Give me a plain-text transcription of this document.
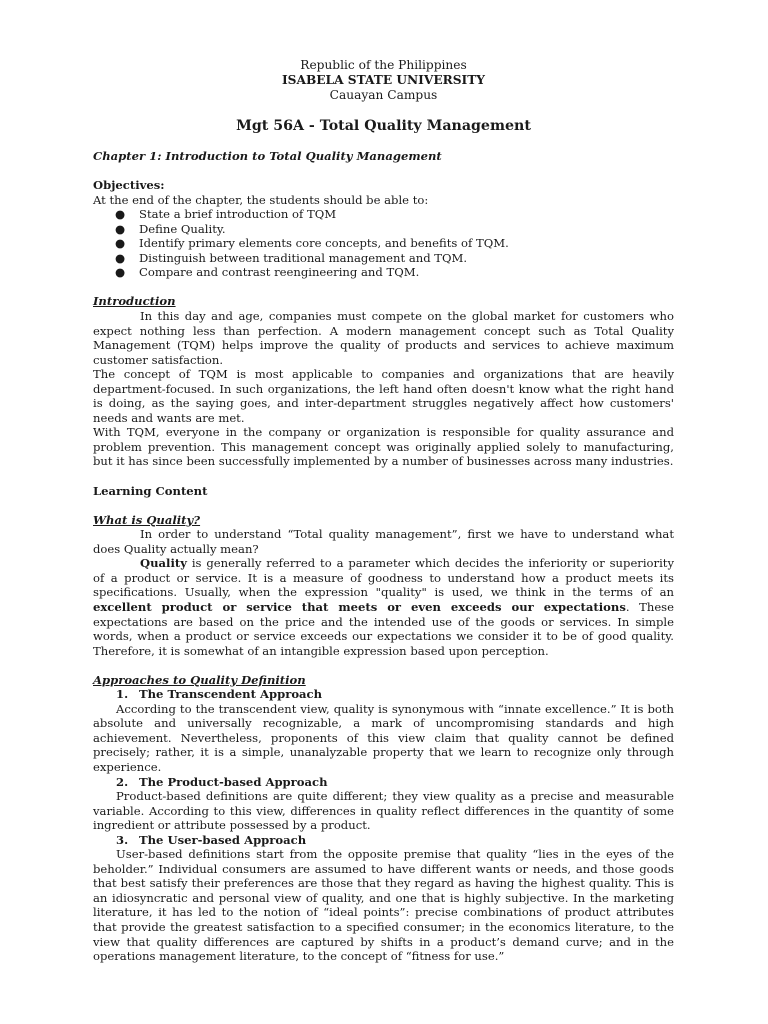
Republic of the Philippines
ISABELA STATE UNIVERSITY
Cauayan Campus
Mgt 56A - Total Quality Management
Chapter 1: Introduction to Total Quality Management
Objectives:
At the end of the chapter, the students should be able to:
● State a brief introduction of TQM
● Define Quality.
● Identify primary elements core concepts, and benefits of TQM.
● Distinguish between traditional management and TQM.
● Compare and contrast reengineering and TQM.
Introduction

In this day and age, companies must compete on the global market for customers who expect nothing less than perfection. A modern management concept such as Total Quality Management (TQM) helps improve the quality of products and services to achieve maximum customer satisfaction.

The concept of TQM is most applicable to companies and organizations that are heavily department-focused. In such organizations, the left hand often doesn't know what the right hand is doing, as the saying goes, and inter-department struggles negatively affect how customers' needs and wants are met.

With TQM, everyone in the company or organization is responsible for quality assurance and problem prevention. This management concept was originally applied solely to manufacturing, but it has since been successfully implemented by a number of businesses across many industries.

Learning Content
What is Quality?

In order to understand “Total quality management”, first we have to understand what does Quality actually mean?

Quality is generally referred to a parameter which decides the inferiority or superiority of a product or service. It is a measure of goodness to understand how a product meets its specifications. Usually, when the expression "quality" is used, we think in the terms of an excellent product or service that meets or even exceeds our expectations. These expectations are based on the price and the intended use of the goods or services. In simple words, when a product or service exceeds our expectations we consider it to be of good quality. Therefore, it is somewhat of an intangible expression based upon perception.

Approaches to Quality Definition
1. The Transcendent Approach

According to the transcendent view, quality is synonymous with “innate excellence.” It is both absolute and universally recognizable, a mark of uncompromising standards and high achievement. Nevertheless, proponents of this view claim that quality cannot be defined precisely; rather, it is a simple, unanalyzable property that we learn to recognize only through experience.

2. The Product-based Approach

Product-based definitions are quite different; they view quality as a precise and measurable variable. According to this view, differences in quality reflect differences in the quantity of some ingredient or attribute possessed by a product.

3. The User-based Approach

User-based definitions start from the opposite premise that quality “lies in the eyes of the beholder.” Individual consumers are assumed to have different wants or needs, and those goods that best satisfy their preferences are those that they regard as having the highest quality. This is an idiosyncratic and personal view of quality, and one that is highly subjective. In the marketing literature, it has led to the notion of “ideal points”: precise combinations of product attributes that provide the greatest satisfaction to a specified consumer; in the economics literature, to the view that quality differences are captured by shifts in a product’s demand curve; and in the operations management literature, to the concept of “fitness for use.”
